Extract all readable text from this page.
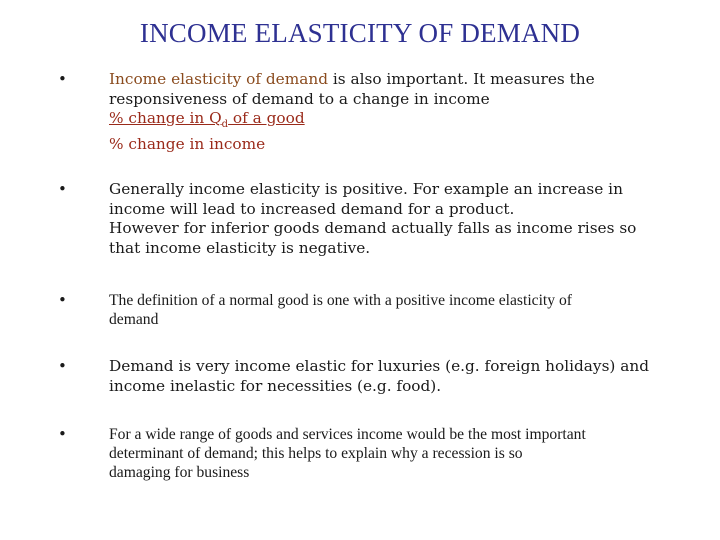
INCOME ELASTICITY OF DEMAND
•	Income elasticity of demand is also important. It measures the
responsiveness of demand to a change in income
% change in $Q_d$ of a good
% change in income
•	Generally income elasticity is positive. For example an increase in
income will lead to increased demand for a product.
However for inferior goods demand actually falls as income rises so
that income elasticity is negative.
•	The definition of a normal good is one with a positive income elasticity of
demand
•	Demand is very income elastic for luxuries (e.g. foreign holidays) and
income inelastic for necessities (e.g. food).
•	For a wide range of goods and services income would be the most important
determinant of demand; this helps to explain why a recession is so
damaging for business
